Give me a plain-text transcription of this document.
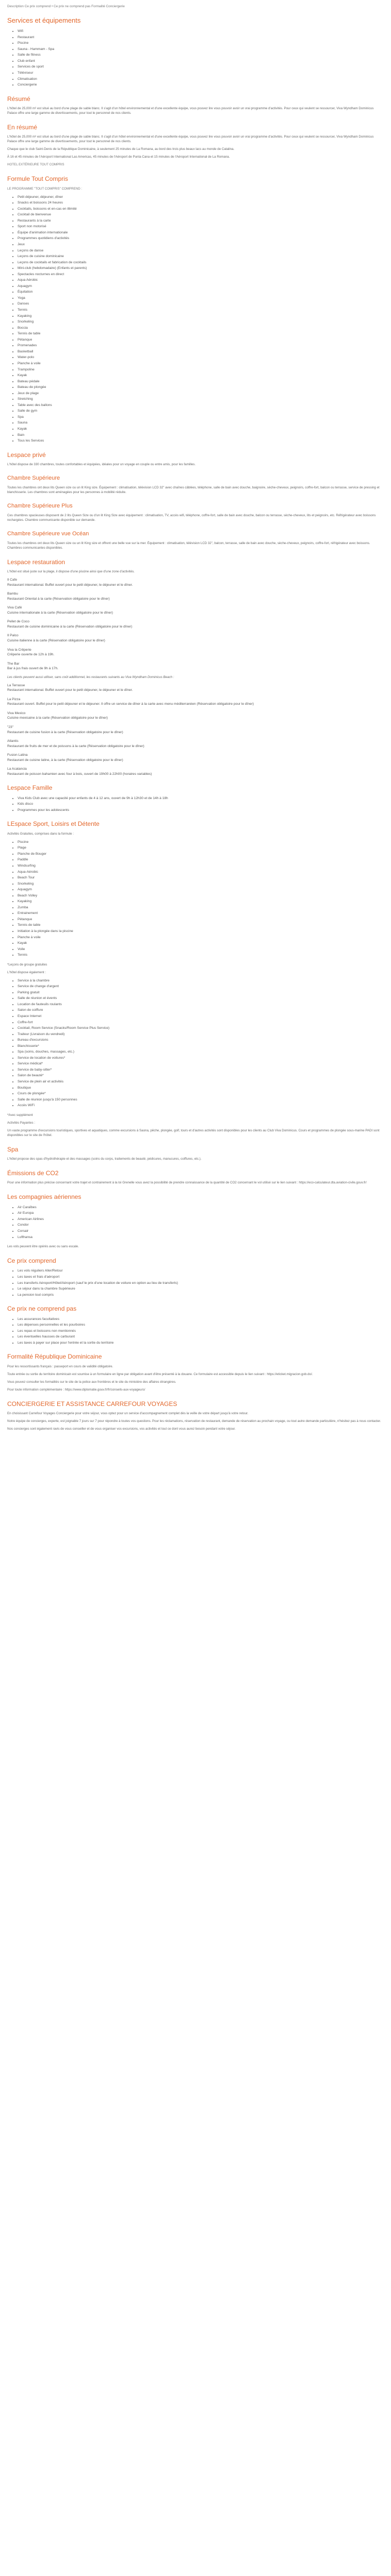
Description Ce prix comprend • Ce prix ne comprend pas Formalité Conciergerie
Services et équipements
• Wifi
• Restaurant
• Piscine
• Sauna - Hammam - Spa
• Salle de fitness
• Club enfant
• Services de sport
• Téléviseur
• Climatisation
• Conciergerie
Résumé

L'hôtel de 25,000 m² est situé au bord d'une plage de sable blanc. Il s'agit d'un hôtel environnemental et d'une excellente équipe, vous pouvez lire vous pouvoir avoir un vrai programme d'activités. Pour ceux qui veulent se ressourcer, Viva Wyndham Dominicus Palace offre une large gamme de divertissements, pour tout le personnel de nos clients.

En résumé

L'hôtel de 25,000 m² est situé au bord d'une plage de sable blanc. Il s'agit d'un hôtel environnemental et d'une excellente équipe, vous pouvez lire vous pouvoir avoir un vrai programme d'activités. Pour ceux qui veulent se ressourcer, Viva Wyndham Dominicus Palace offre une large gamme de divertissements, pour tout le personnel de nos clients.

Chaque que le club Saint-Denis de la République Dominicaine, à seulement 25 minutes de La Romana, au bord des trois plus beaux lacs au monde de Catalina.

À 16 et 45 minutes de l'Aéroport International Las Americas, 45 minutes de l'Aéroport de Punta Cana et 15 minutes de l'Aéroport International de La Romana.

HOTEL EXTÉRIEURE TOUT COMPRIS

Formule Tout Compris

LE PROGRAMME "TOUT COMPRIS" COMPREND :

• Petit déjeuner, déjeuner, dîner
• Snacks et boissons 24 heures
• Cocktails, boissons et en-cas en illimité
• Cocktail de bienvenue
• Restaurants à la carte
• Sport non motorisé
• Équipe d'animation internationale
• Programmes quotidiens d'activités
• Jeux
• Leçons de danse
• Leçons de cuisine dominicaine
• Leçons de cocktails et fabrication de cocktails
• Mini-club (hebdomadaire) (Enfants et parents)
• Spectacles nocturnes en direct
• Aqua Aérobic
• Aquagym
• Équitation
• Yoga
• Danses
• Tennis
• Kayaking
• Snorkeling
• Boccia
• Tennis de table
• Pétanque
• Promenades
• Basketball
• Water-polo
• Planche à voile
• Trampoline
• Kayak
• Bateau pédale
• Bateau de plongée
• Jeux de plage
• Stretching
• Table avec des ballons
• Salle de gym
• Spa
• Sauna
• Kayak
• Bain
• Tous les Services
Lespace privé

L'hôtel dispose de 330 chambres, toutes confortables et équipées, idéales pour un voyage en couple ou entre amis, pour les familles.

Chambre Supérieure

Toutes les chambres ont deux lits Queen size ou un lit King size. Équipement : climatisation, télévision LCD 32" avec chaînes câblées, téléphone, salle de bain avec douche, baignoire, sèche-cheveux, peignoirs, coffre-fort, balcon ou terrasse, service de pressing et blanchisserie. Les chambres sont aménagées pour les personnes à mobilité réduite.

Chambre Supérieure Plus

Ces chambres spacieuses disposent de 2 lits Queen Size ou d'un lit King Size avec équipement : climatisation, TV, accès wifi, téléphone, coffre-fort, salle de bain avec douche, balcon ou terrasse, sèche-cheveux, lits et peignoirs, etc. Réfrigérateur avec boissons rechargées. Chambre communicante disponible sur demande.

Chambre Supérieure vue Océan

Toutes les chambres ont deux lits Queen size ou un lit King size et offrent une belle vue sur la mer. Équipement : climatisation, télévision LCD 32", balcon, terrasse, salle de bain avec douche, sèche-cheveux, peignoirs, coffre-fort, réfrigérateur avec boissons. Chambres communicantes disponibles.

Lespace restauration

L'hôtel est situé juste sur la plage, il dispose d'une piscine ainsi que d'une zone d'activités.

Il Cafe
Restaurant international. Buffet ouvert pour le petit déjeuner, le déjeuner et le dîner.
Bambu
Restaurant Oriental à la carte (Réservation obligatoire pour le dîner)
Viva Café
Cuisine internationale à la carte (Réservation obligatoire pour le dîner)
Pellet de Coco
Restaurant de cuisine dominicaine à la carte (Réservation obligatoire pour le dîner)
Il Palco
Cuisine italienne à la carte (Réservation obligatoire pour le dîner)
Viva la Crêperie
Crêperie ouverte de 12h à 19h.
The Bar
Bar à jus frais ouvert de 9h à 17h.

Les clients peuvent aussi utiliser, sans coût additionnel, les restaurants suivants au Viva Wyndham Dominicus Beach :

La Terrasse
Restaurant international. Buffet ouvert pour le petit déjeuner, le déjeuner et le dîner.
La Pizza
Restaurant ouvert. Buffet pour le petit déjeuner et le déjeuner. Il offre un service de dîner à la carte avec menu méditerranéen (Réservation obligatoire pour le dîner)
Viva Mexico
Cuisine mexicaine à la carte (Réservation obligatoire pour le dîner)
"23"
Restaurant de cuisine fusion à la carte (Réservation obligatoire pour le dîner)
Atlantis
Restaurant de fruits de mer et de poissons à la carte (Réservation obligatoire pour le dîner)
Fusion Latina
Restaurant de cuisine latine, à la carte (Réservation obligatoire pour le dîner)
La Acatancia
Restaurant de poisson bahamien avec four à bois, ouvert de 19h00 à 22h00 (horaires variables)
Lespace Famille
• Viva Kids Club avec une capacité pour enfants de 4 à 12 ans, ouvert de 9h à 12h30 et de 14h à 18h
• Kids disco
• Programmes pour les adolescents
LEspace Sport, Loisirs et Détente

Activités Gratuites, comprises dans la formule :

• Piscine
• Plage
• Planche de Bouger
• Paddle
• Windsurfing
• Aqua-Aérobic
• Beach Tour
• Snorkeling
• Aquagym
• Beach Volley
• Kayaking
• Zumba
• Entrainement
• Pétanque
• Tennis de table
• Initiation à la plongée dans la piscine
• Planche à voile
• Kayak
• Voile
• Tennis

*Leçons de groupe gratuites

L'hôtel dispose également :

• Service à la chambre
• Service de change d'argent
• Parking gratuit
• Salle de réunion et évents
• Location de fauteuils roulants
• Salon de coiffure
• Espace Internet
• Coffre-fort
• Cocktail, Room Service (Snacks/Room Service Plus Service)
• Traiteur (Livraison du vendredi)
• Bureau d'excursions
• Blanchisserie*
• Spa (soins, douches, massages, etc.)
• Service de location de voitures*
• Service médical*
• Service de baby-sitter*
• Salon de beauté*
• Service de plein air et activités
• Boutique
• Cours de plongée*
• Salle de réunion jusqu'à 150 personnes
• Accès WiFi

*Avec supplément

Activités Payantes :

Un vaste programme d'excursions touristiques, sportives et aquatiques, comme excursions à Saona, pêche, plongée, golf, tours et d'autres activités sont disponibles pour les clients au Club Viva Dominicus. Cours et programmes de plongée sous-marine PADI sont disponibles sur le site de l'hôtel.

Spa

L'hôtel propose des spas d'hydrothérapie et des massages (soins du corps, traitements de beauté, pédicures, manucures, coiffures, etc.).

Émissions de CO2

Pour une information plus précise concernant votre trajet et contrairement à la loi Grenelle vous avez la possibilité de prendre connaissance de la quantité de CO2 concernant le vol utilisé sur le lien suivant : https://eco-calculateur.dta.aviation-civile.gouv.fr/

Les compagnies aériennes
• Air Caraïbes
• Air Europa
• American Airlines
• Condor
• Corsair
• Lufthansa

Les vols peuvent être opérés avec ou sans escale.

Ce prix comprend
• Les vols réguliers Aller/Retour
• Les taxes et frais d'aéroport
• Les transferts Aéroport/Hôtel/Aéroport (sauf le prix d'une location de voiture en option au lieu de transferts)
• Le séjour dans la chambre Supérieure
• La pension tout compris
Ce prix ne comprend pas
• Les assurances facultatives
• Les dépenses personnelles et les pourboires
• Les repas et boissons non mentionnés
• Les éventuelles hausses de carburant
• Les taxes à payer sur place pour l'entrée et la sortie du territoire
Formalité République Dominicaine

Pour les ressortissants français : passeport en cours de validité obligatoire.

Toute entrée ou sortie du territoire dominicain est soumise à un formulaire en ligne par obligation avant d'être présenté à la douane. Ce formulaire est accessible depuis le lien suivant : https://eticket.migracion.gob.do/.

Vous pouvez consulter les formalités sur le site de la police aux frontières et le site du ministère des affaires étrangères.

Pour toute information complémentaire : https://www.diplomatie.gouv.fr/fr/conseils-aux-voyageurs/

CONCIERGERIE ET ASSISTANCE CARREFOUR VOYAGES

En choisissant Carrefour Voyages Conciergerie pour votre séjour, vous optez pour un service d'accompagnement complet dès la veille de votre départ jusqu'à votre retour.

Notre équipe de concierges, experte, est joignable 7 jours sur 7 pour répondre à toutes vos questions. Pour les réclamations, réservation de restaurant, demande de réservation au prochain voyage, ou tout autre demande particulière, n'hésitez pas à nous contacter.

Nos concierges sont également ravis de vous conseiller et de vous organiser vos excursions, vos activités et tout ce dont vous aurez besoin pendant votre séjour.
